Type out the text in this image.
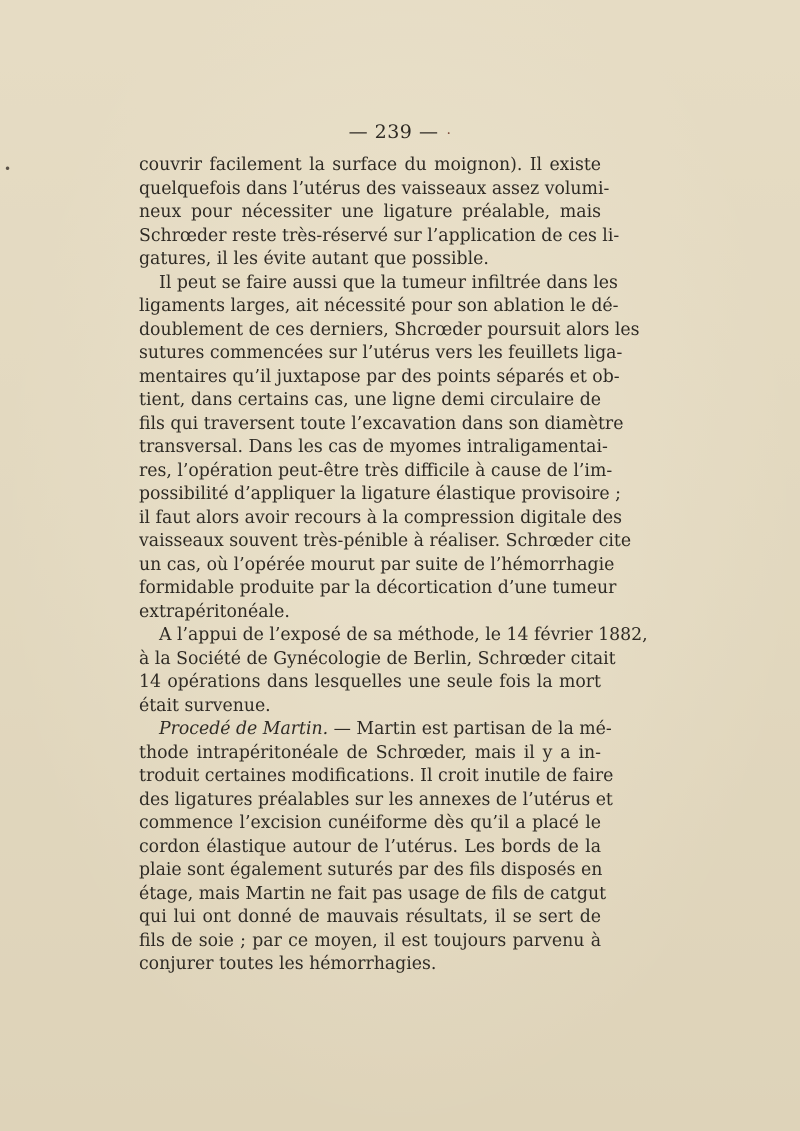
— 239 — ·
•	couvrir facilement la surface du moignon). Il existe
quelquefois dans l’utérus des vaisseaux assez volumi-
neux pour nécessiter une ligature préalable, mais
Schrœder reste très-réservé sur l’application de ces li-
gatures, il les évite autant que possible.
Il peut se faire aussi que la tumeur infiltrée dans les
ligaments larges, ait nécessité pour son ablation le dé-
doublement de ces derniers, Shcrœder poursuit alors les
sutures commencées sur l’utérus vers les feuillets liga-
mentaires qu’il juxtapose par des points séparés et ob-
tient, dans certains cas, une ligne demi circulaire de
fils qui traversent toute l’excavation dans son diamètre
transversal. Dans les cas de myomes intraligamentai-
res, l’opération peut-être très difficile à cause de l’im-
possibilité d’appliquer la ligature élastique provisoire ;
il faut alors avoir recours à la compression digitale des
vaisseaux souvent très-pénible à réaliser. Schrœder cite
un cas, où l’opérée mourut par suite de l’hémorrhagie
formidable produite par la décortication d’une tumeur
extrapéritonéale.
A l’appui de l’exposé de sa méthode, le 14 février 1882,
à la Société de Gynécologie de Berlin, Schrœder citait
14 opérations dans lesquelles une seule fois la mort
était survenue.
Procedé de Martin. — Martin est partisan de la mé-
thode intrapéritonéale de Schrœder, mais il y a in-
troduit certaines modifications. Il croit inutile de faire
des ligatures préalables sur les annexes de l’utérus et
commence l’excision cunéiforme dès qu’il a placé le
cordon élastique autour de l’utérus. Les bords de la
plaie sont également suturés par des fils disposés en
étage, mais Martin ne fait pas usage de fils de catgut
qui lui ont donné de mauvais résultats, il se sert de
fils de soie ; par ce moyen, il est toujours parvenu à
conjurer toutes les hémorrhagies.
